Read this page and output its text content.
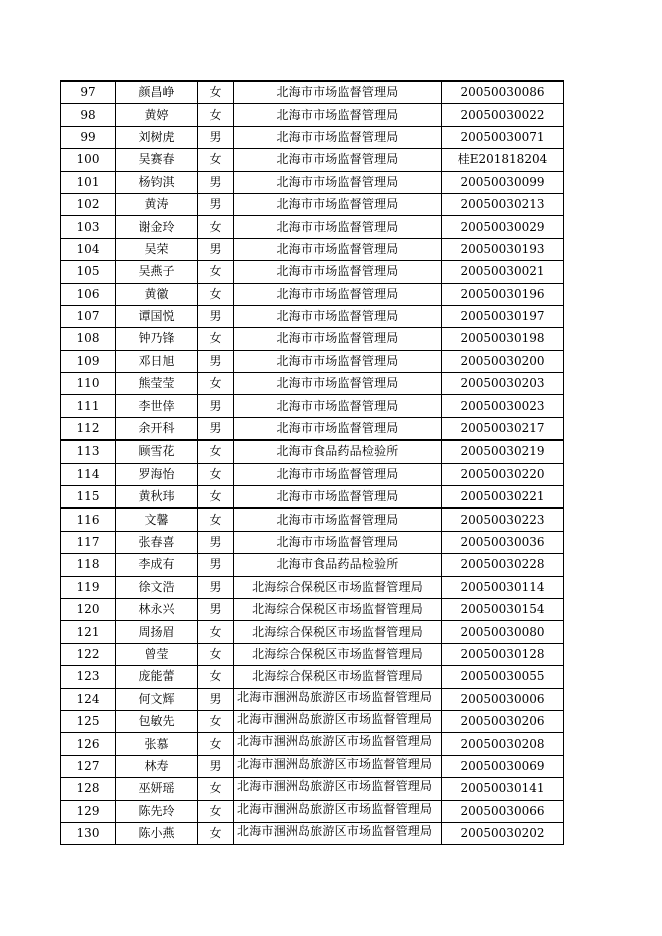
97	颜昌峥	女	北海市市场监督管理局	20050030086
98	黄婷	女	北海市市场监督管理局	20050030022
99	刘树虎	男	北海市市场监督管理局	20050030071
100	吴赛春	女	北海市市场监督管理局	桂E201818204
101	杨钧淇	男	北海市市场监督管理局	20050030099
102	黄涛	男	北海市市场监督管理局	20050030213
103	谢金玲	女	北海市市场监督管理局	20050030029
104	吴荣	男	北海市市场监督管理局	20050030193
105	吴燕子	女	北海市市场监督管理局	20050030021
106	黄徽	女	北海市市场监督管理局	20050030196
107	谭国悦	男	北海市市场监督管理局	20050030197
108	钟乃锋	女	北海市市场监督管理局	20050030198
109	邓日旭	男	北海市市场监督管理局	20050030200
110	熊莹莹	女	北海市市场监督管理局	20050030203
111	李世倖	男	北海市市场监督管理局	20050030023
112	余开科	男	北海市市场监督管理局	20050030217
113	顾雪花	女	北海市食品药品检验所	20050030219
114	罗海怡	女	北海市市场监督管理局	20050030220
115	黄秋玮	女	北海市市场监督管理局	20050030221
116	文馨	女	北海市市场监督管理局	20050030223
117	张春喜	男	北海市市场监督管理局	20050030036
118	李成有	男	北海市食品药品检验所	20050030228
119	徐文浩	男	北海综合保税区市场监督管理局	20050030114
120	林永兴	男	北海综合保税区市场监督管理局	20050030154
121	周扬眉	女	北海综合保税区市场监督管理局	20050030080
122	曾莹	女	北海综合保税区市场监督管理局	20050030128
123	庞能蕾	女	北海综合保税区市场监督管理局	20050030055
124	何文辉	男	北海市涠洲岛旅游区市场监督管理局	20050030006
125	包敏先	女	北海市涠洲岛旅游区市场监督管理局	20050030206
126	张慕	女	北海市涠洲岛旅游区市场监督管理局	20050030208
127	林寿	男	北海市涠洲岛旅游区市场监督管理局	20050030069
128	巫妍瑶	女	北海市涠洲岛旅游区市场监督管理局	20050030141
129	陈先玲	女	北海市涠洲岛旅游区市场监督管理局	20050030066
130	陈小燕	女	北海市涠洲岛旅游区市场监督管理局	20050030202
